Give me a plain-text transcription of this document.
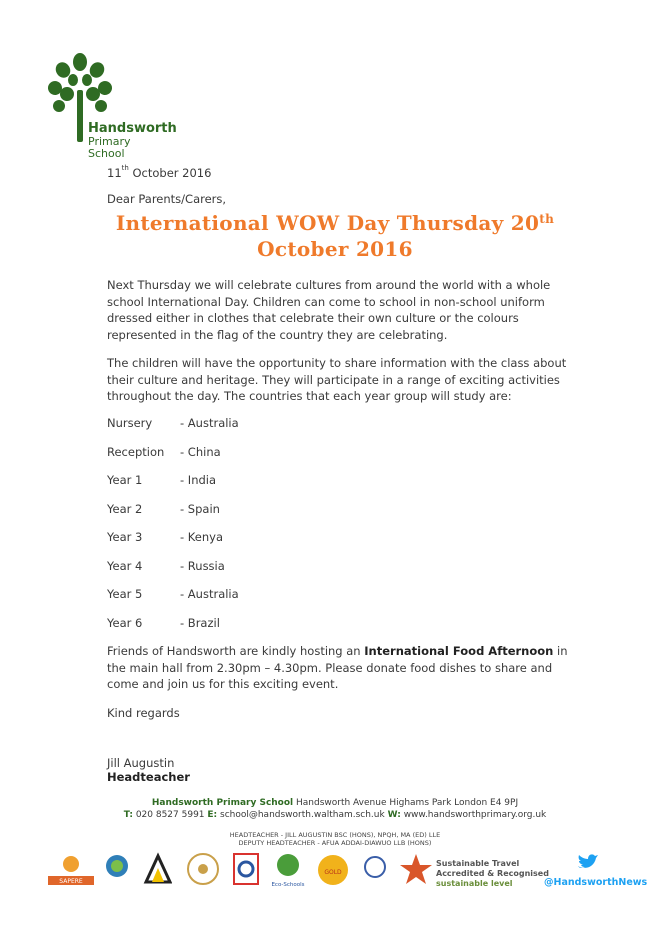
Handsworth
Primary School
11th October 2016
Dear Parents/Carers,
International WOW Day Thursday 20th
October 2016
Next Thursday we will celebrate cultures from around the world with a whole school International Day. Children can come to school in non-school uniform dressed either in clothes that celebrate their own culture or the colours represented in the flag of the country they are celebrating.
The children will have the opportunity to share information with the class about their culture and heritage. They will participate in a range of exciting activities throughout the day. The countries that each year group will study are:
Nursery - Australia
Reception - China
Year 1	- India
Year 2	- Spain
Year 3	- Kenya
Year 4	- Russia
Year 5	- Australia
Year 6	- Brazil
Friends of Handsworth are kindly hosting an International Food Afternoon in the main hall from 2.30pm – 4.30pm. Please donate food dishes to share and come and join us for this exciting event.
Kind regards
Jill Augustin
Headteacher
Handsworth Primary School Handsworth Avenue Highams Park London E4 9PJ
T: 020 8527 5991 E: school@handsworth.waltham.sch.uk W: www.handsworthprimary.org.uk
HEADTEACHER - JILL AUGUSTIN BSC (HONS), NPQH, MA (ED) LLE
DEPUTY HEADTEACHER - AFUA ADDAI-DIAWUO LLB (HONS)
SAPERE	Eco-Schools
GOLD
Sustainable Travel
Accredited & Recognised
sustainable level	@HandsworthNews
